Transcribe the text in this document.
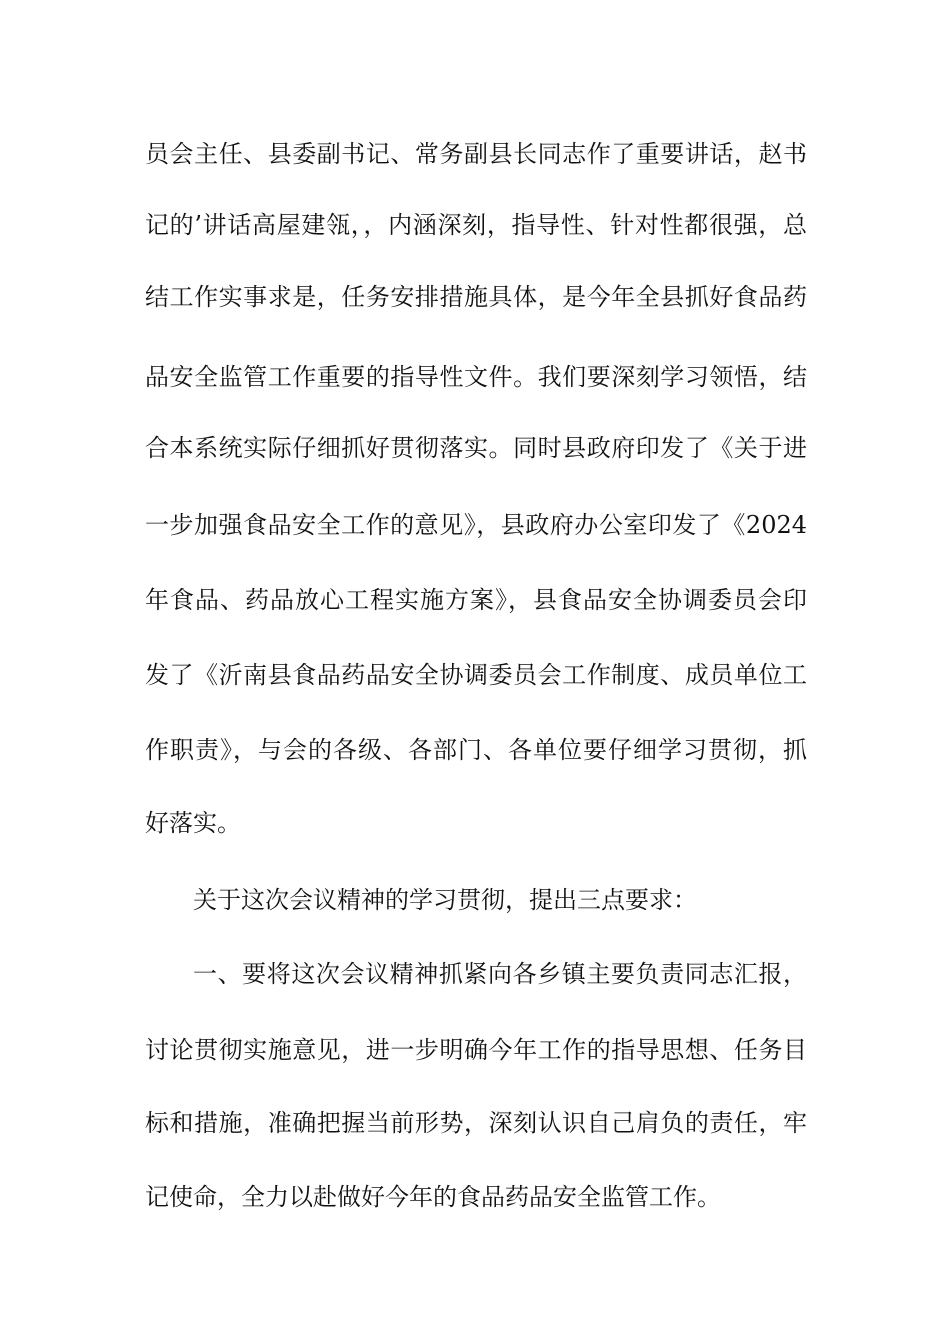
员会主任、县委副书记、常务副县长同志作了重要讲话，赵书
记的’讲话高屋建瓴，，内涵深刻，指导性、针对性都很强，总
结工作实事求是，任务安排措施具体，是今年全县抓好食品药
品安全监管工作重要的指导性文件。我们要深刻学习领悟，结
合本系统实际仔细抓好贯彻落实。同时县政府印发了《关于进
一步加强食品安全工作的意见》，县政府办公室印发了《2024
年食品、药品放心工程实施方案》，县食品安全协调委员会印
发了《沂南县食品药品安全协调委员会工作制度、成员单位工
作职责》，与会的各级、各部门、各单位要仔细学习贯彻，抓
好落实。
关于这次会议精神的学习贯彻，提出三点要求：
一、要将这次会议精神抓紧向各乡镇主要负责同志汇报，
讨论贯彻实施意见，进一步明确今年工作的指导思想、任务目
标和措施，准确把握当前形势，深刻认识自己肩负的责任，牢
记使命，全力以赴做好今年的食品药品安全监管工作。
